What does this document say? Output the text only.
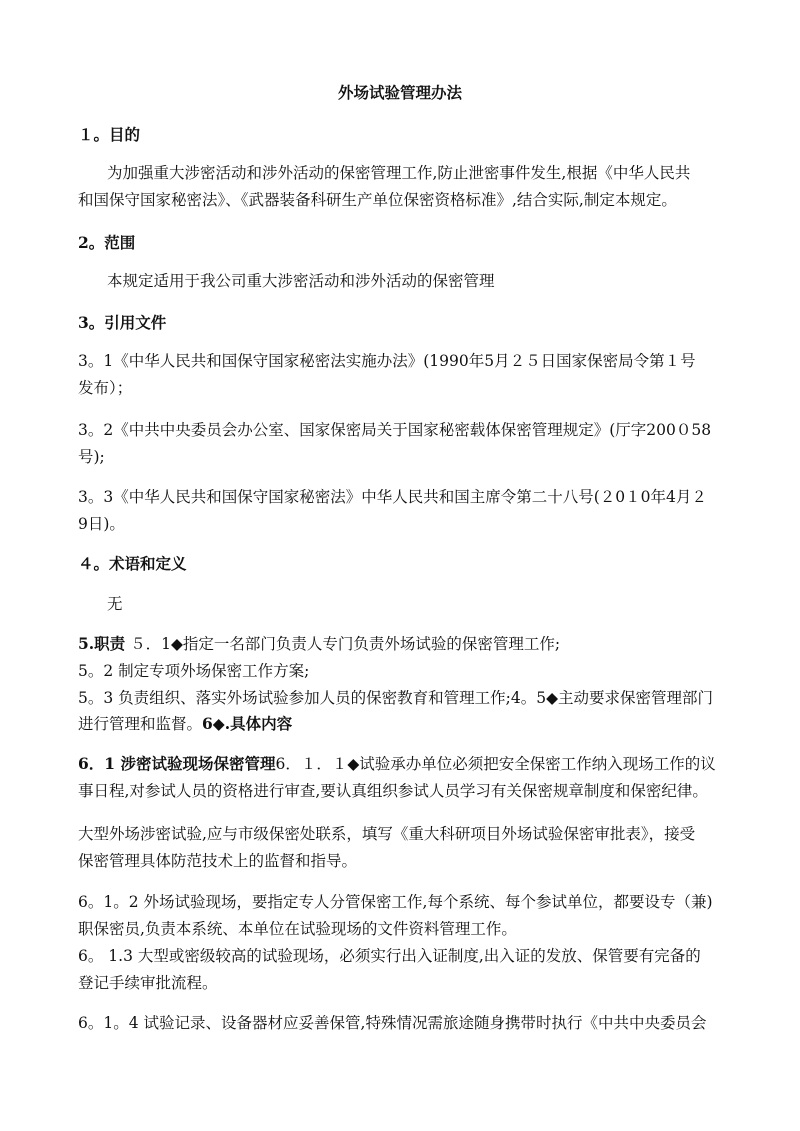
外场试验管理办法
１。目的
为加强重大涉密活动和涉外活动的保密管理工作,防止泄密事件发生,根据《中华人民共
和国保守国家秘密法》、《武器装备科研生产单位保密资格标准》,结合实际,制定本规定。
2。范围
本规定适用于我公司重大涉密活动和涉外活动的保密管理
3。引用文件
3。1《中华人民共和国保守国家秘密法实施办法》(1990年5月２５日国家保密局令第１号
发布）；
3。2《中共中央委员会办公室、国家保密局关于国家秘密载体保密管理规定》(厅字200０58
号);
3。3《中华人民共和国保守国家秘密法》中华人民共和国主席令第二十八号(２0１0年4月２
9日)。
４。术语和定义
无
5.职责 ５．1◆指定一名部门负责人专门负责外场试验的保密管理工作;
5。2 制定专项外场保密工作方案;
5。3 负责组织、落实外场试验参加人员的保密教育和管理工作;4。5◆主动要求保密管理部门
进行管理和监督。6◆.具体内容
6．1 涉密试验现场保密管理6．１．１◆试验承办单位必须把安全保密工作纳入现场工作的议
事日程,对参试人员的资格进行审查,要认真组织参试人员学习有关保密规章制度和保密纪律。
大型外场涉密试验,应与市级保密处联系，填写《重大科研项目外场试验保密审批表》，接受
保密管理具体防范技术上的监督和指导。
6。1。2 外场试验现场，要指定专人分管保密工作,每个系统、每个参试单位，都要设专（兼)
职保密员,负责本系统、本单位在试验现场的文件资料管理工作。
6。 1.3 大型或密级较高的试验现场，必须实行出入证制度,出入证的发放、保管要有完备的
登记手续审批流程。
6。1。4 试验记录、设备器材应妥善保管,特殊情况需旅途随身携带时执行《中共中央委员会
